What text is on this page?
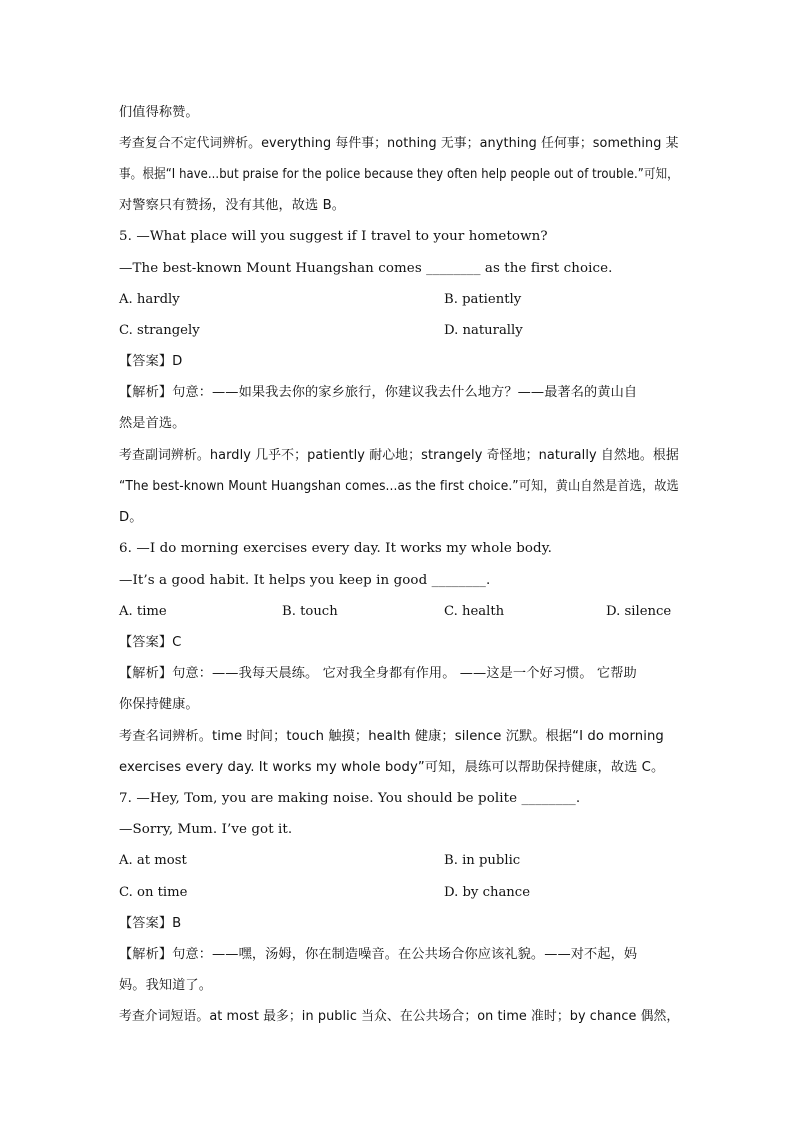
们值得称赞。
考查复合不定代词辨析。everything 每件事；nothing 无事；anything 任何事；something 某
事。根据“I have...but praise for the police because they often help people out of trouble.”可知，
对警察只有赞扬，没有其他，故选 B。
5. —What place will you suggest if I travel to your hometown?
—The best-known Mount Huangshan comes ________ as the first choice.
A. hardly	B. patiently
C. strangely	D. naturally
【答案】D
【解析】句意：——如果我去你的家乡旅行，你建议我去什么地方？——最著名的黄山自
然是首选。
考查副词辨析。hardly 几乎不；patiently 耐心地；strangely 奇怪地；naturally 自然地。根据
“The best-known Mount Huangshan comes...as the first choice.”可知，黄山自然是首选，故选
D。
6. —I do morning exercises every day. It works my whole body.
—It’s a good habit. It helps you keep in good ________.
A. time	B. touch	C. health	D. silence
【答案】C
【解析】句意：——我每天晨练。 它对我全身都有作用。 ——这是一个好习惯。 它帮助
你保持健康。
考查名词辨析。time 时间；touch 触摸；health 健康；silence 沉默。根据“I do morning
exercises every day. It works my whole body”可知，晨练可以帮助保持健康，故选 C。
7. —Hey, Tom, you are making noise. You should be polite ________.
—Sorry, Mum. I’ve got it.
A. at most	B. in public
C. on time	D. by chance
【答案】B
【解析】句意：——嘿，汤姆，你在制造噪音。在公共场合你应该礼貌。——对不起，妈
妈。我知道了。
考查介词短语。at most 最多；in public 当众、在公共场合；on time 准时；by chance 偶然，
